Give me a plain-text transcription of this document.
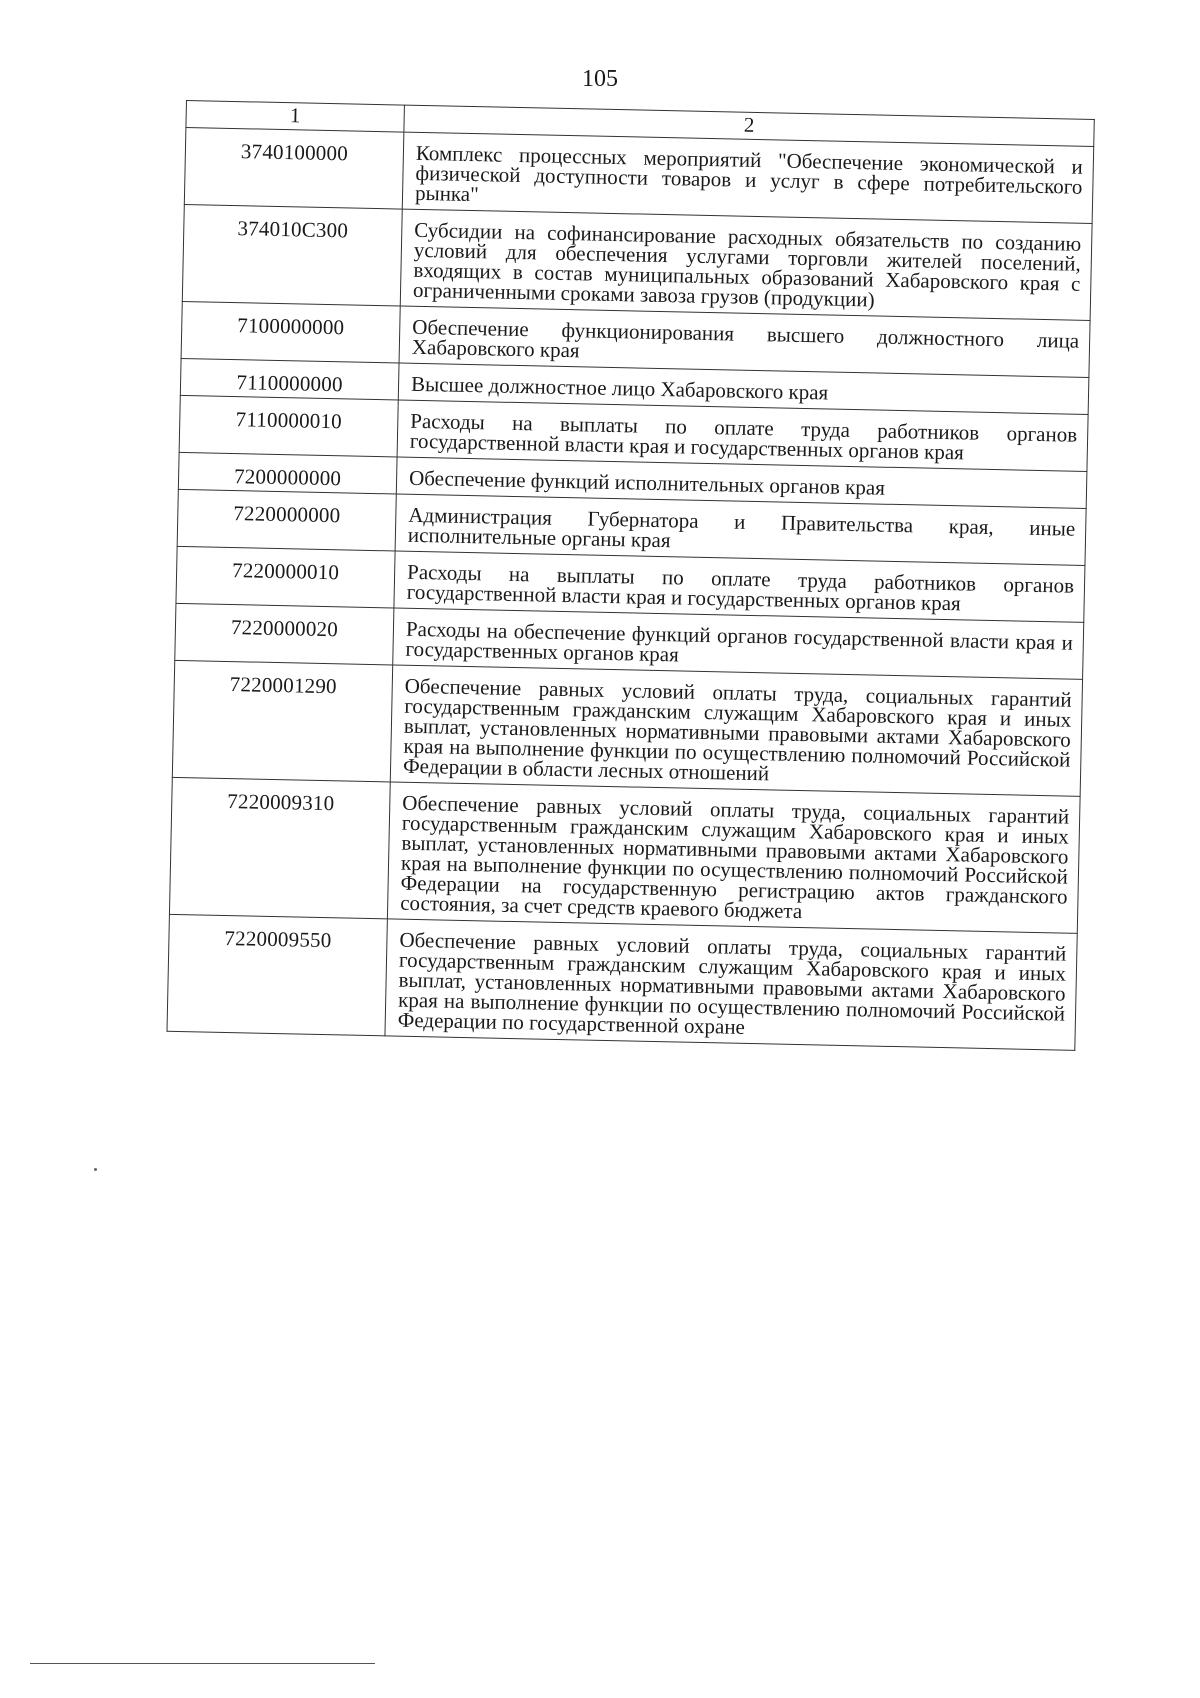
105
1	2
3740100000	Комплекс процессных мероприятий "Обеспечение экономической и физической доступности товаров и услуг в сфере потребительского рынка"
374010С300	Субсидии на софинансирование расходных обязательств по созданию условий для обеспечения услугами торговли жителей поселений, входящих в состав муниципальных образований Хабаровского края с ограниченными сроками завоза грузов (продукции)
7100000000	Обеспечение функционирования высшего должностного лица Хабаровского края
7110000000	Высшее должностное лицо Хабаровского края
7110000010	Расходы на выплаты по оплате труда работников органов государственной власти края и государственных органов края
7200000000	Обеспечение функций исполнительных органов края
7220000000	Администрация Губернатора и Правительства края, иные исполнительные органы края
7220000010	Расходы на выплаты по оплате труда работников органов государственной власти края и государственных органов края
7220000020	Расходы на обеспечение функций органов государственной власти края и государственных органов края
7220001290	Обеспечение равных условий оплаты труда, социальных гарантий государственным гражданским служащим Хабаровского края и иных выплат, установленных нормативными правовыми актами Хабаровского края на выполнение функции по осуществлению полномочий Российской Федерации в области лесных отношений
7220009310	Обеспечение равных условий оплаты труда, социальных гарантий государственным гражданским служащим Хабаровского края и иных выплат, установленных нормативными правовыми актами Хабаровского края на выполнение функции по осуществлению полномочий Российской Федерации на государственную регистрацию актов гражданского состояния, за счет средств краевого бюджета
7220009550	Обеспечение равных условий оплаты труда, социальных гарантий государственным гражданским служащим Хабаровского края и иных выплат, установленных нормативными правовыми актами Хабаровского края на выполнение функции по осуществлению полномочий Российской Федерации по государственной охране
